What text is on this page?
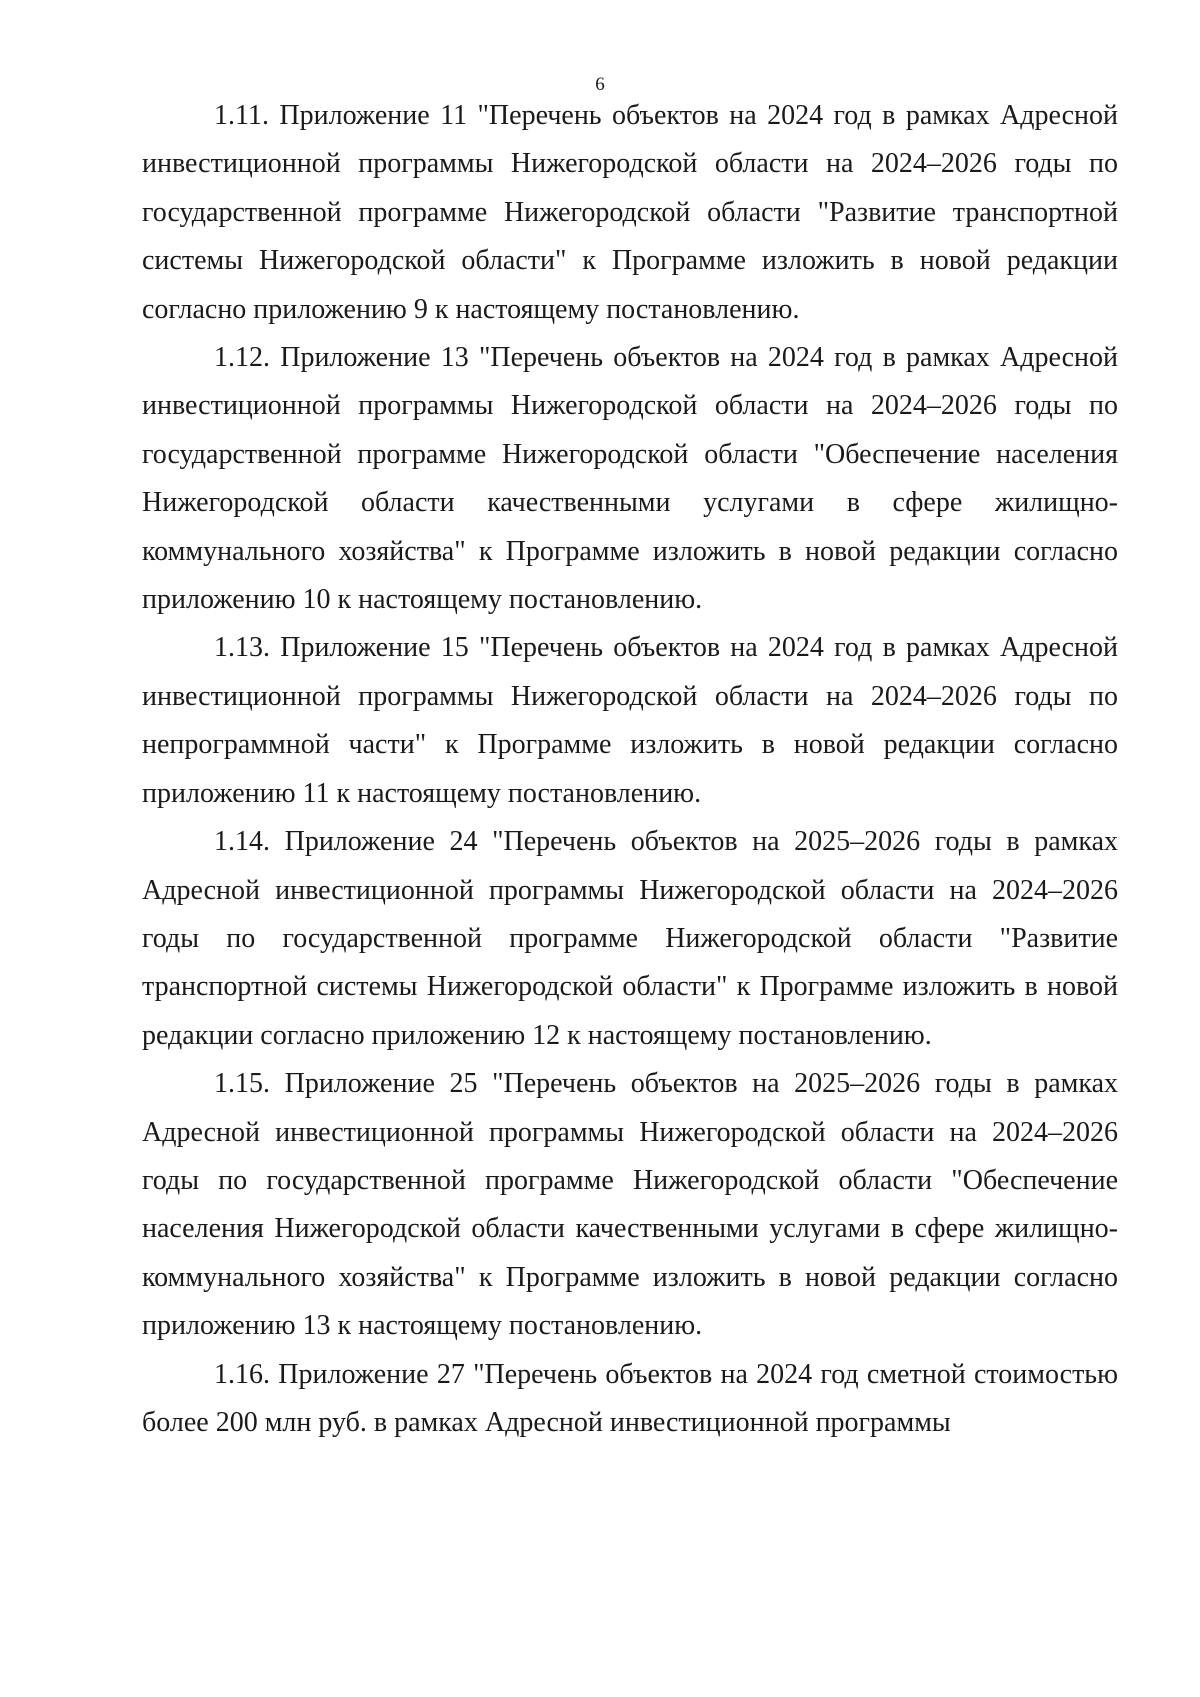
6

1.11. Приложение 11 "Перечень объектов на 2024 год в рамках Адресной инвестиционной программы Нижегородской области на 2024–2026 годы по государственной программе Нижегородской области "Развитие транспортной системы Нижегородской области" к Программе изложить в новой редакции согласно приложению 9 к настоящему постановлению.

1.12. Приложение 13 "Перечень объектов на 2024 год в рамках Адресной инвестиционной программы Нижегородской области на 2024–2026 годы по государственной программе Нижегородской области "Обеспечение населения Нижегородской области качественными услугами в сфере жилищно-коммунального хозяйства" к Программе изложить в новой редакции согласно приложению 10 к настоящему постановлению.

1.13. Приложение 15 "Перечень объектов на 2024 год в рамках Адресной инвестиционной программы Нижегородской области на 2024–2026 годы по непрограммной части" к Программе изложить в новой редакции согласно приложению 11 к настоящему постановлению.

1.14. Приложение 24 "Перечень объектов на 2025–2026 годы в рамках Адресной инвестиционной программы Нижегородской области на 2024–2026 годы по государственной программе Нижегородской области "Развитие транспортной системы Нижегородской области" к Программе изложить в новой редакции согласно приложению 12 к настоящему постановлению.

1.15. Приложение 25 "Перечень объектов на 2025–2026 годы в рамках Адресной инвестиционной программы Нижегородской области на 2024–2026 годы по государственной программе Нижегородской области "Обеспечение населения Нижегородской области качественными услугами в сфере жилищно-коммунального хозяйства" к Программе изложить в новой редакции согласно приложению 13 к настоящему постановлению.

1.16. Приложение 27 "Перечень объектов на 2024 год сметной стоимостью более 200 млн руб. в рамках Адресной инвестиционной программы
